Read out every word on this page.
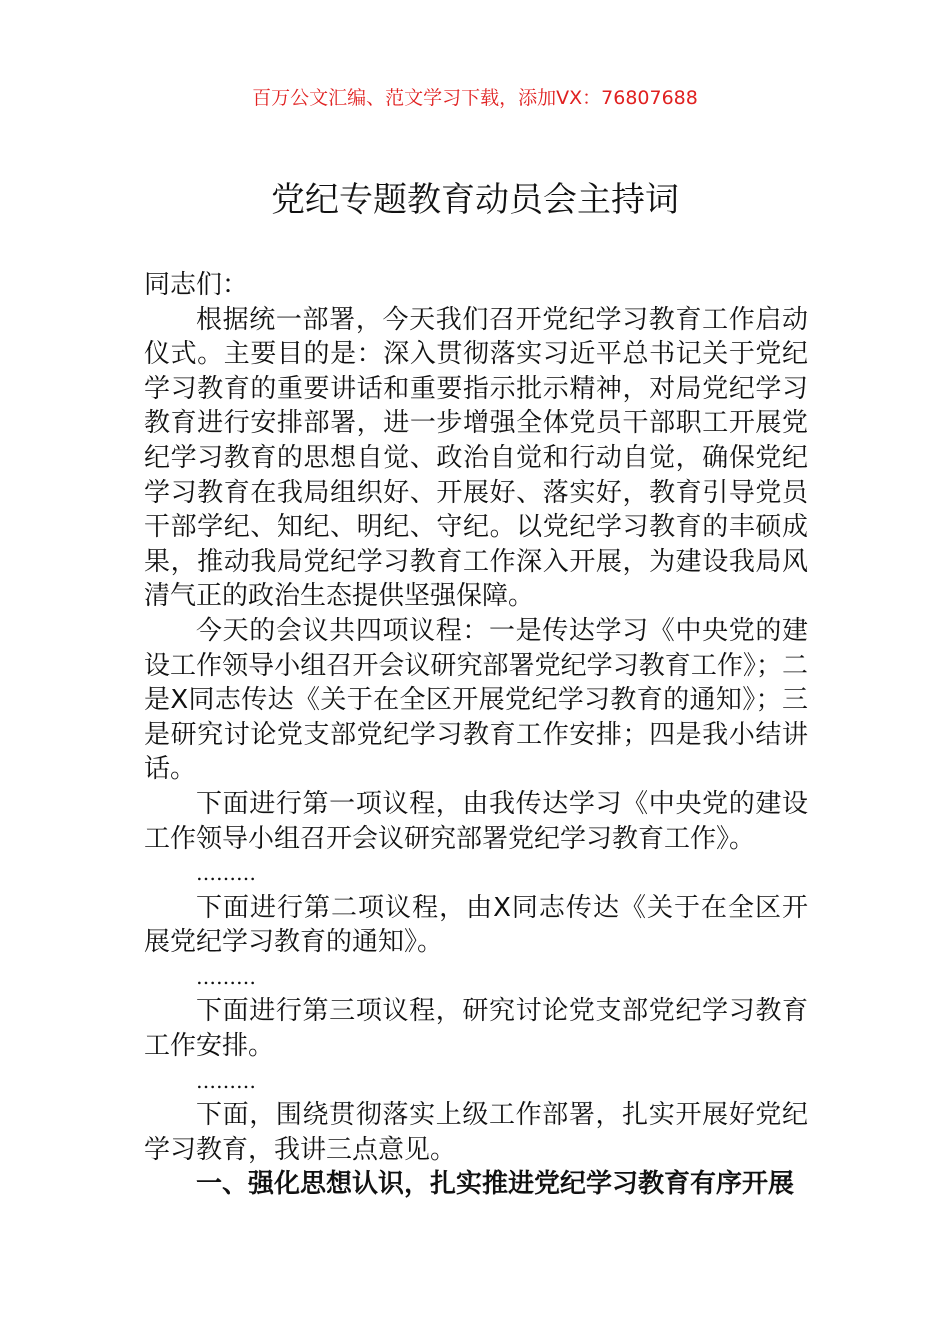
百万公文汇编、范文学习下载，添加VX：76807688
党纪专题教育动员会主持词

同志们：

根据统一部署，今天我们召开党纪学习教育工作启动仪式。主要目的是：深入贯彻落实习近平总书记关于党纪学习教育的重要讲话和重要指示批示精神，对局党纪学习教育进行安排部署，进一步增强全体党员干部职工开展党纪学习教育的思想自觉、政治自觉和行动自觉，确保党纪学习教育在我局组织好、开展好、落实好，教育引导党员干部学纪、知纪、明纪、守纪。以党纪学习教育的丰硕成果，推动我局党纪学习教育工作深入开展，为建设我局风清气正的政治生态提供坚强保障。

今天的会议共四项议程：一是传达学习《中央党的建设工作领导小组召开会议研究部署党纪学习教育工作》；二是X同志传达《关于在全区开展党纪学习教育的通知》；三是研究讨论党支部党纪学习教育工作安排；四是我小结讲话。

下面进行第一项议程，由我传达学习《中央党的建设工作领导小组召开会议研究部署党纪学习教育工作》。

………

下面进行第二项议程，由X同志传达《关于在全区开展党纪学习教育的通知》。

………

下面进行第三项议程，研究讨论党支部党纪学习教育工作安排。

………

下面，围绕贯彻落实上级工作部署，扎实开展好党纪学习教育，我讲三点意见。

一、强化思想认识，扎实推进党纪学习教育有序开展
